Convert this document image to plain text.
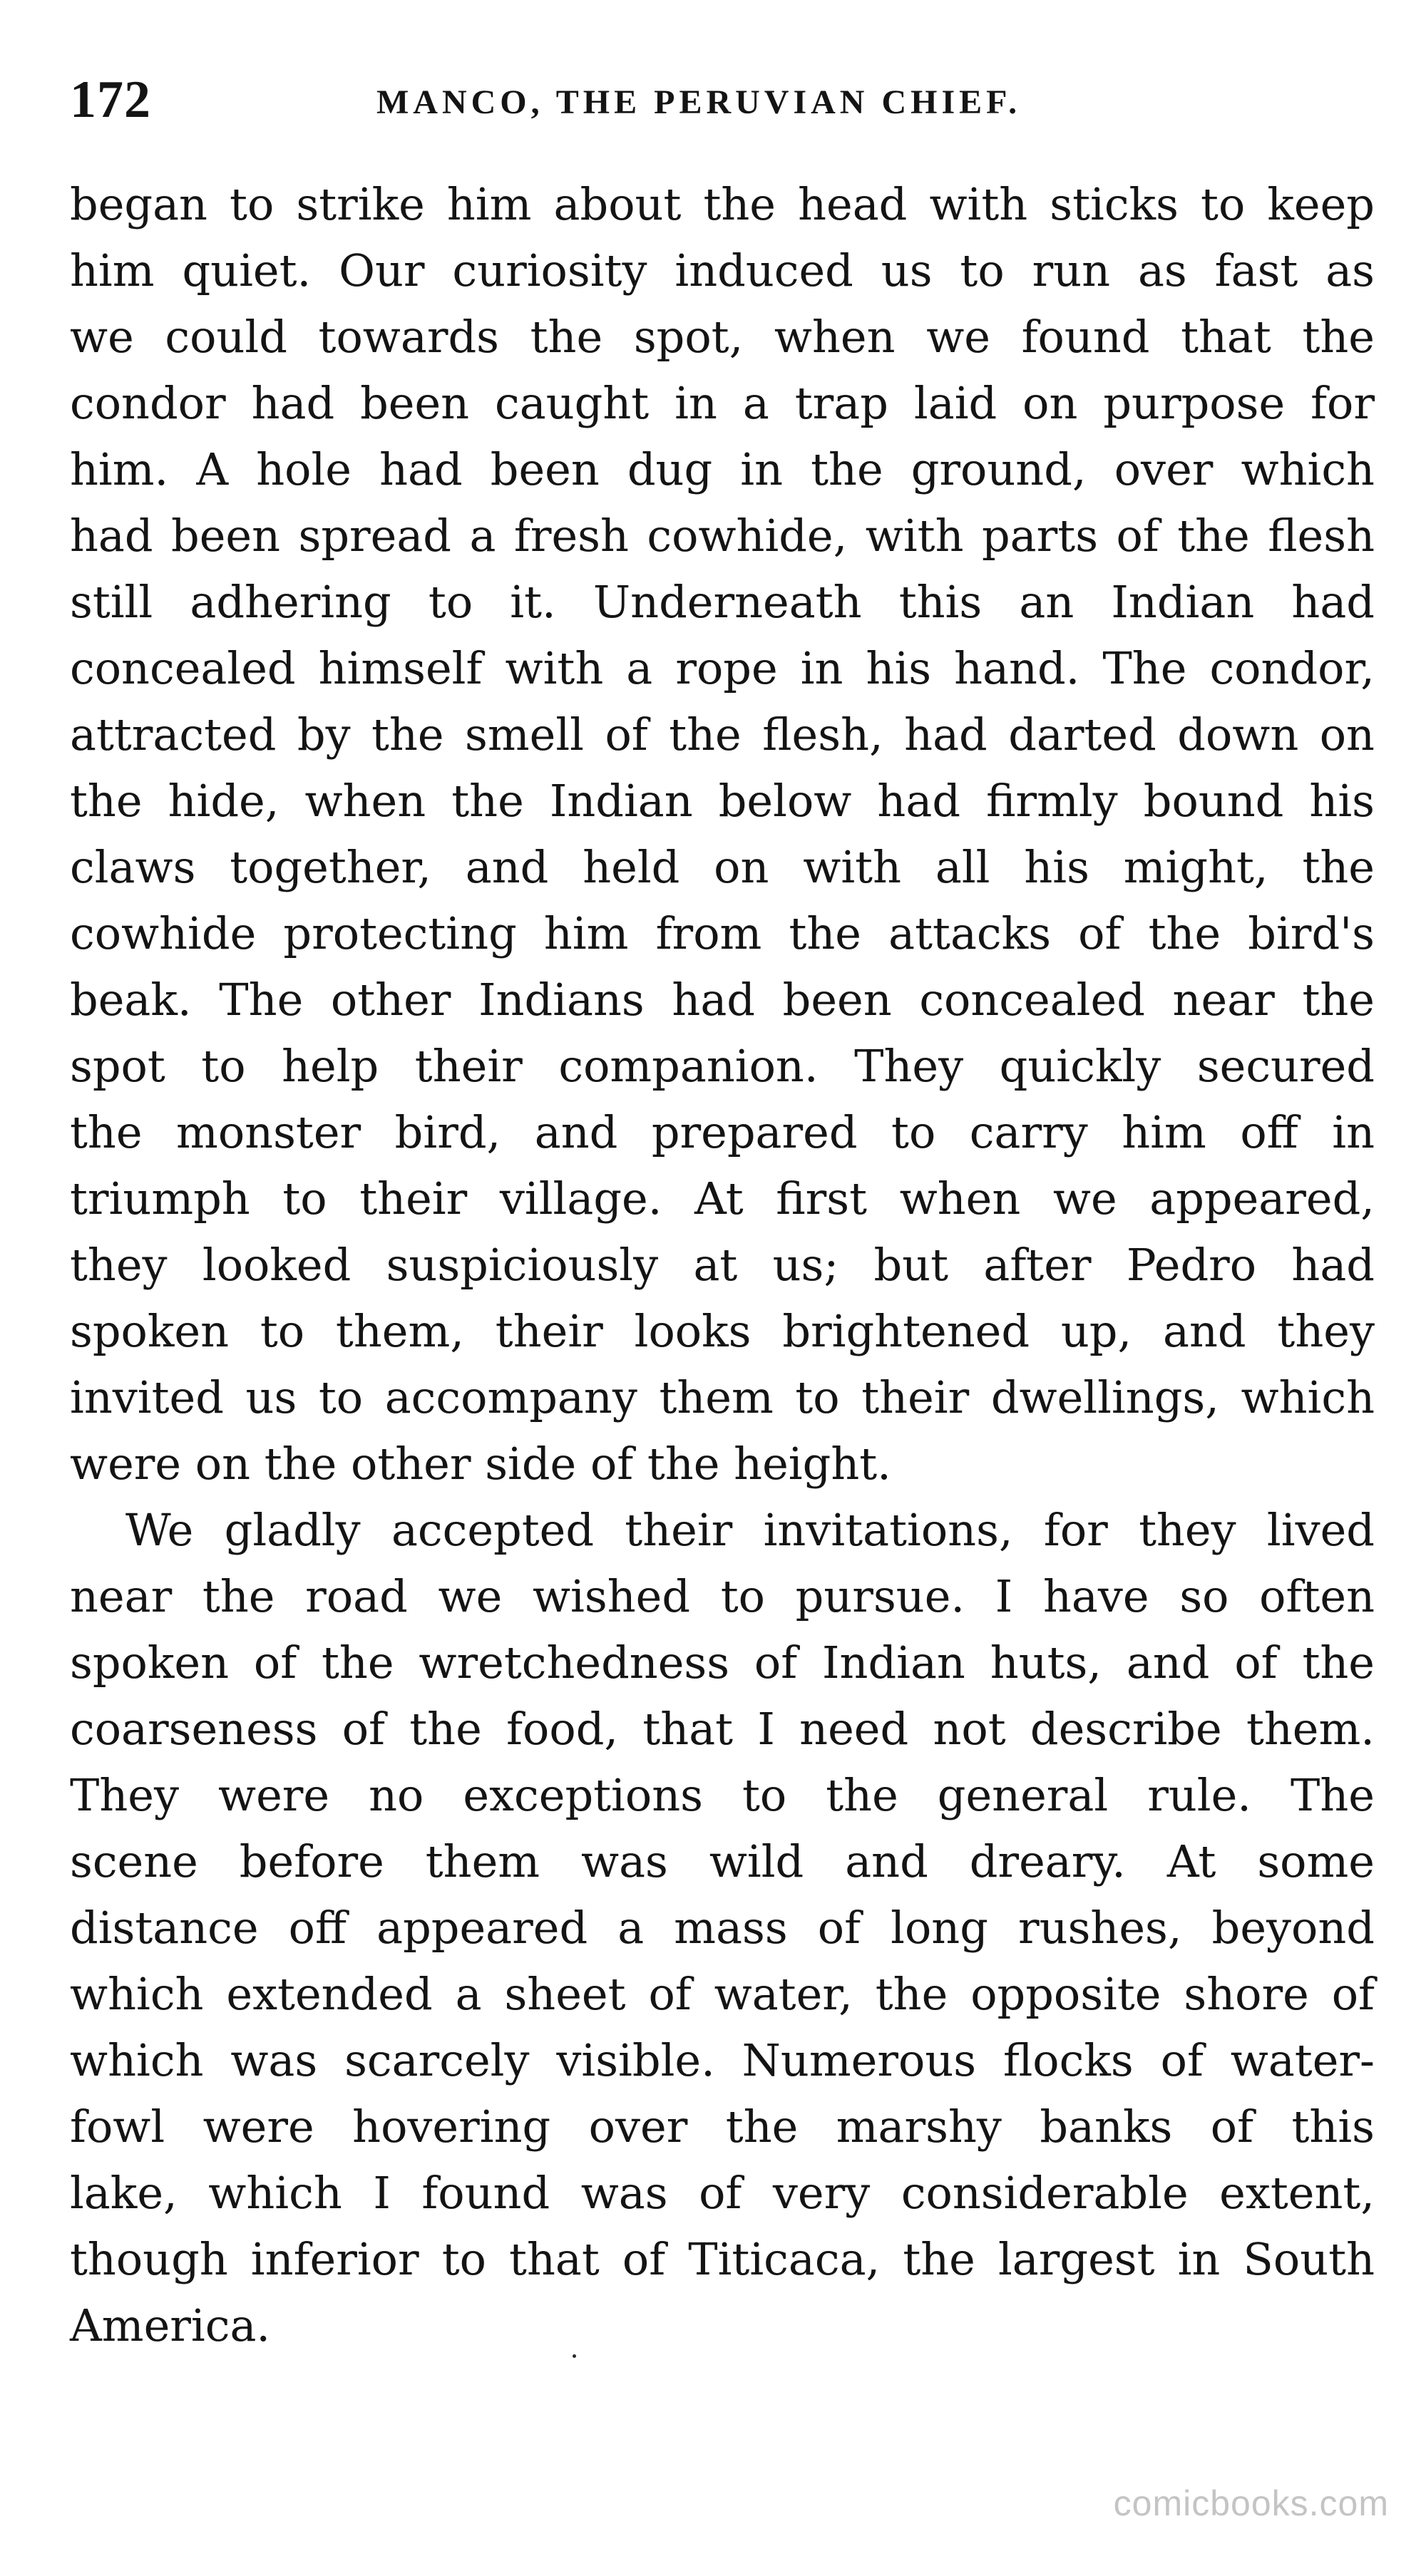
172	MANCO, THE PERUVIAN CHIEF.
began to strike him about the head with sticks to keep
him quiet. Our curiosity induced us to run as fast as
we could towards the spot, when we found that the
condor had been caught in a trap laid on purpose for
him. A hole had been dug in the ground, over which
had been spread a fresh cowhide, with parts of the flesh
still adhering to it. Underneath this an Indian had
concealed himself with a rope in his hand. The condor,
attracted by the smell of the flesh, had darted down on
the hide, when the Indian below had firmly bound his
claws together, and held on with all his might, the
cowhide protecting him from the attacks of the bird's
beak. The other Indians had been concealed near the
spot to help their companion. They quickly secured
the monster bird, and prepared to carry him off in
triumph to their village. At first when we appeared,
they looked suspiciously at us; but after Pedro had
spoken to them, their looks brightened up, and they
invited us to accompany them to their dwellings, which
were on the other side of the height.
We gladly accepted their invitations, for they lived
near the road we wished to pursue. I have so often
spoken of the wretchedness of Indian huts, and of the
coarseness of the food, that I need not describe them.
They were no exceptions to the general rule. The
scene before them was wild and dreary. At some
distance off appeared a mass of long rushes, beyond
which extended a sheet of water, the opposite shore of
which was scarcely visible. Numerous flocks of water-
fowl were hovering over the marshy banks of this
lake, which I found was of very considerable extent,
though inferior to that of Titicaca, the largest in South
America.
comicbooks.com
